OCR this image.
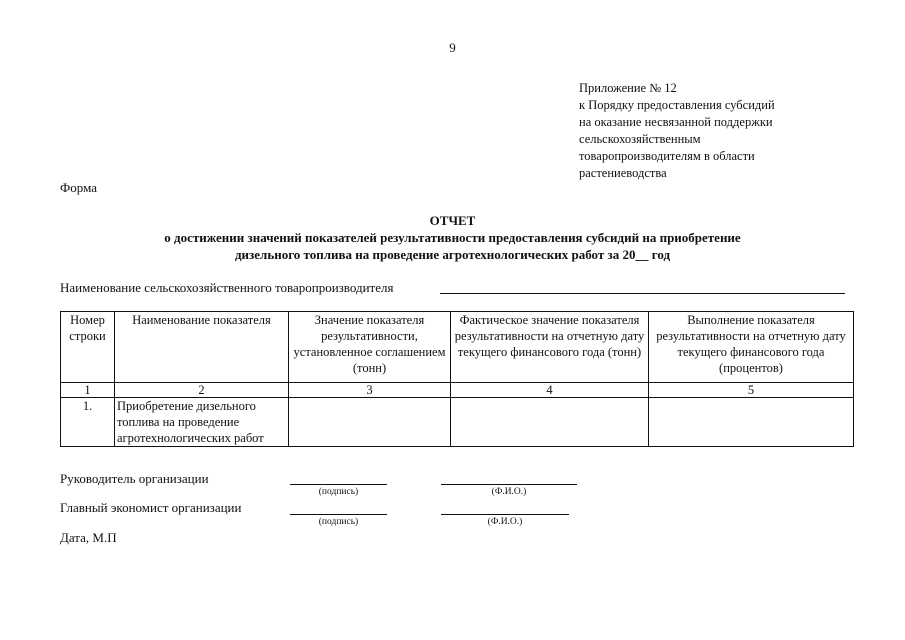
9
Приложение № 12
к Порядку предоставления субсидий
на оказание несвязанной поддержки
сельскохозяйственным
товаропроизводителям в области
растениеводства
Форма
ОТЧЕТ
о достижении значений показателей результативности предоставления субсидий на приобретение
дизельного топлива на проведение агротехнологических работ за 20__ год
Наименование сельскохозяйственного товаропроизводителя
Номер строки	Наименование показателя	Значение показателя результативности, установленное соглашением (тонн)	Фактическое значение показателя результативности на отчетную дату текущего финансового года (тонн)	Выполнение показателя результативности на отчетную дату текущего финансового года (процентов)
1	2	3	4	5
1.	Приобретение дизельного топлива на проведение агротехнологических работ			
Руководитель организации
(подпись)	(Ф.И.О.)
Главный экономист организации
(подпись)	(Ф.И.О.)
Дата, М.П
